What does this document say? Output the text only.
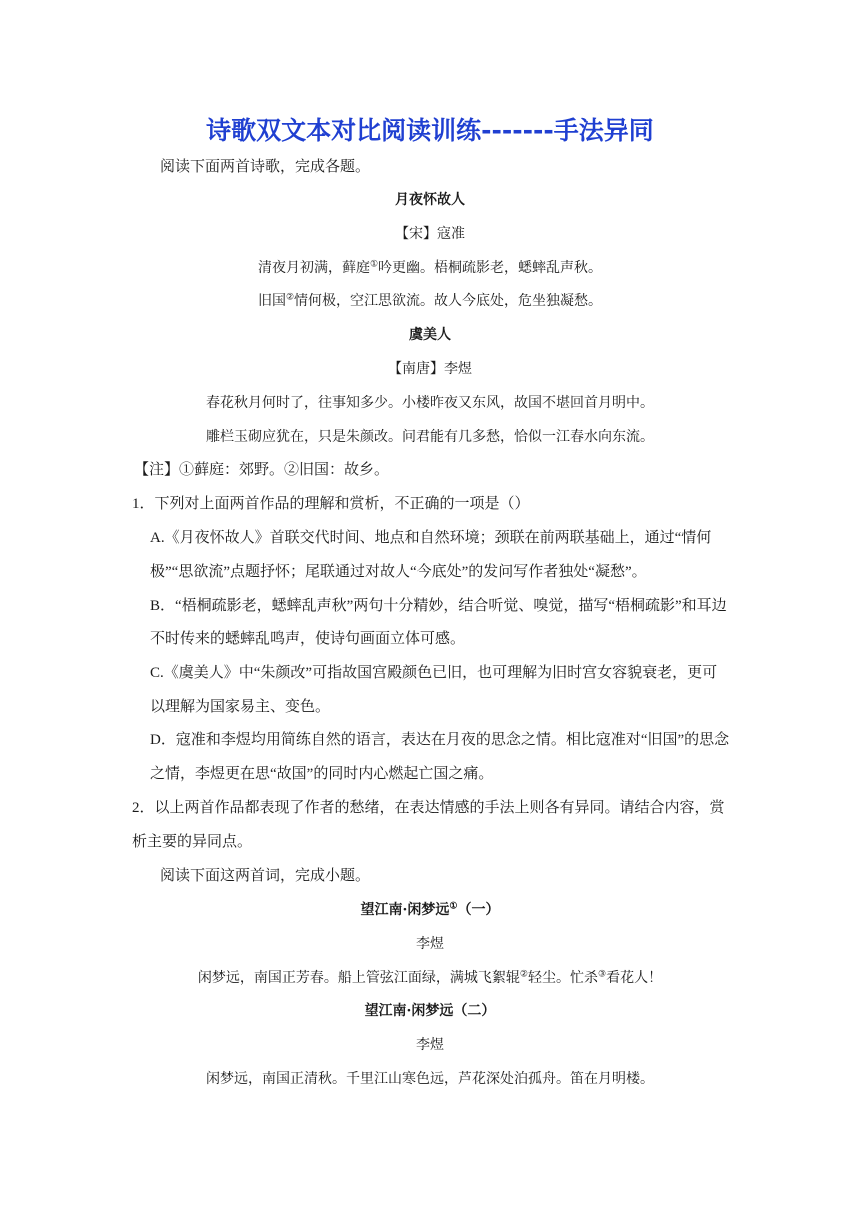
诗歌双文本对比阅读训练-------手法异同
阅读下面两首诗歌，完成各题。
月夜怀故人
【宋】寇准
清夜月初满，藓庭①吟更幽。梧桐疏影老，蟋蟀乱声秋。
旧国②情何极，空江思欲流。故人今底处，危坐独凝愁。
虞美人
【南唐】李煜
春花秋月何时了，往事知多少。小楼昨夜又东风，故国不堪回首月明中。
雕栏玉砌应犹在，只是朱颜改。问君能有几多愁，恰似一江春水向东流。
【注】①藓庭：郊野。②旧国：故乡。
1．下列对上面两首作品的理解和赏析，不正确的一项是（）
A.《月夜怀故人》首联交代时间、地点和自然环境；颈联在前两联基础上，通过“情何
极”“思欲流”点题抒怀；尾联通过对故人“今底处”的发问写作者独处“凝愁”。
B．“梧桐疏影老，蟋蟀乱声秋”两句十分精妙，结合听觉、嗅觉，描写“梧桐疏影”和耳边
不时传来的蟋蟀乱鸣声，使诗句画面立体可感。
C.《虞美人》中“朱颜改”可指故国宫殿颜色已旧，也可理解为旧时宫女容貌衰老，更可
以理解为国家易主、变色。
D．寇准和李煜均用简练自然的语言，表达在月夜的思念之情。相比寇准对“旧国”的思念
之情，李煜更在思“故国”的同时内心燃起亡国之痛。
2．以上两首作品都表现了作者的愁绪，在表达情感的手法上则各有异同。请结合内容，赏
析主要的异同点。
阅读下面这两首词，完成小题。
望江南·闲梦远①（一）
李煜
闲梦远，南国正芳春。船上管弦江面绿，满城飞絮辊②轻尘。忙杀③看花人！
望江南·闲梦远（二）
李煜
闲梦远，南国正清秋。千里江山寒色远，芦花深处泊孤舟。笛在月明楼。
